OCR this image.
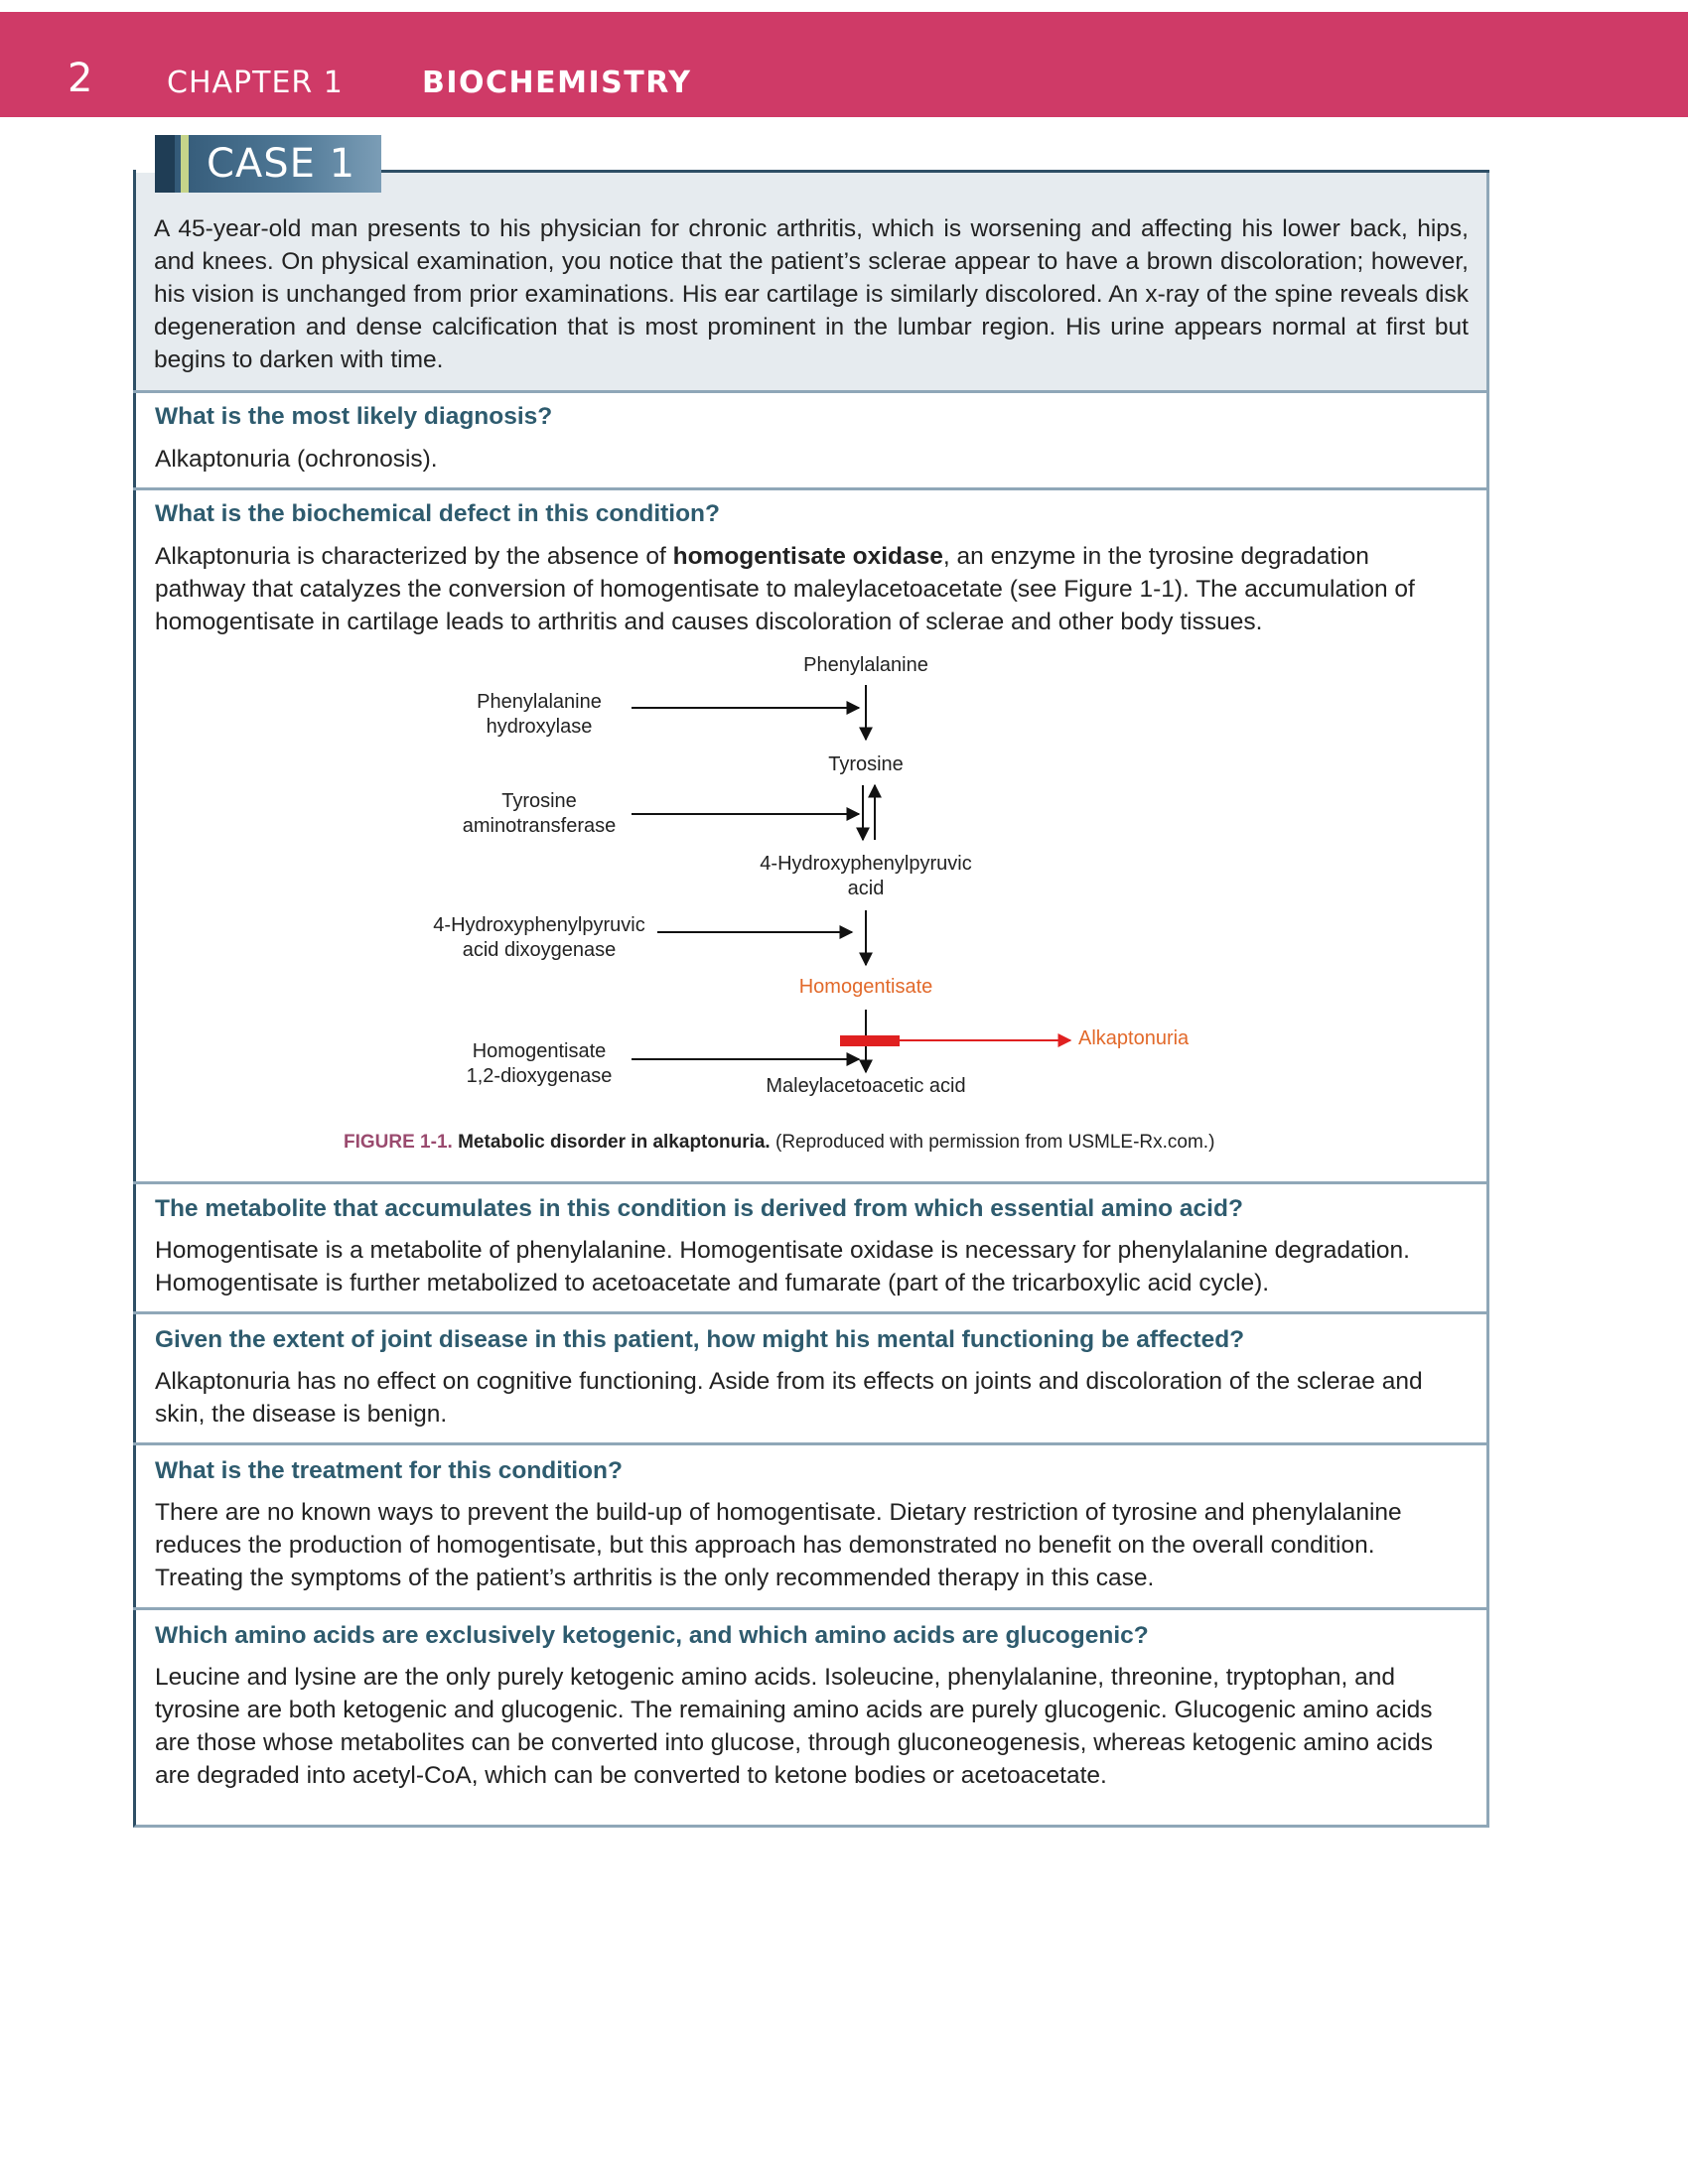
2 CHAPTER 1	BIOCHEMISTRY

A 45-year-old man presents to his physician for chronic arthritis, which is worsening and affecting his lower back, hips, and knees. On physical examination, you notice that the patient’s sclerae appear to have a brown discoloration; however, his vision is unchanged from prior examinations. His ear cartilage is similarly discolored. An x-ray of the spine reveals disk degeneration and dense calcification that is most prominent in the lumbar region. His urine appears normal at first but begins to darken with time.

CASE 1
What is the most likely diagnosis?
Alkaptonuria (ochronosis).
What is the biochemical defect in this condition?
Alkaptonuria is characterized by the absence of homogentisate oxidase, an enzyme in the tyrosine degradation pathway that catalyzes the conversion of homogentisate to maleylacetoacetate (see Figure 1-1). The accumulation of homogentisate in cartilage leads to arthritis and causes discoloration of sclerae and other body tissues.
Phenylalanine
Tyrosine
4-Hydroxyphenylpyruvic
acid
Homogentisate
Maleylacetoacetic acid
Phenylalanine
hydroxylase
Tyrosine
aminotransferase
4-Hydroxyphenylpyruvic
acid dixoygenase
Homogentisate
1,2-dioxygenase
Alkaptonuria
FIGURE 1-1. Metabolic disorder in alkaptonuria. (Reproduced with permission from USMLE-Rx.com.)
The metabolite that accumulates in this condition is derived from which essential amino acid?
Homogentisate is a metabolite of phenylalanine. Homogentisate oxidase is necessary for phenylalanine degradation. Homogentisate is further metabolized to acetoacetate and fumarate (part of the tricarboxylic acid cycle).
Given the extent of joint disease in this patient, how might his mental functioning be affected?
Alkaptonuria has no effect on cognitive functioning. Aside from its effects on joints and discoloration of the sclerae and skin, the disease is benign.
What is the treatment for this condition?
There are no known ways to prevent the build-up of homogentisate. Dietary restriction of tyrosine and phenylalanine reduces the production of homogentisate, but this approach has demonstrated no benefit on the overall condition. Treating the symptoms of the patient’s arthritis is the only recommended therapy in this case.
Which amino acids are exclusively ketogenic, and which amino acids are glucogenic?
Leucine and lysine are the only purely ketogenic amino acids. Isoleucine, phenylalanine, threonine, tryptophan, and tyrosine are both ketogenic and glucogenic. The remaining amino acids are purely glucogenic. Glucogenic amino acids are those whose metabolites can be converted into glucose, through gluconeogenesis, whereas ketogenic amino acids are degraded into acetyl-CoA, which can be converted to ketone bodies or acetoacetate.
